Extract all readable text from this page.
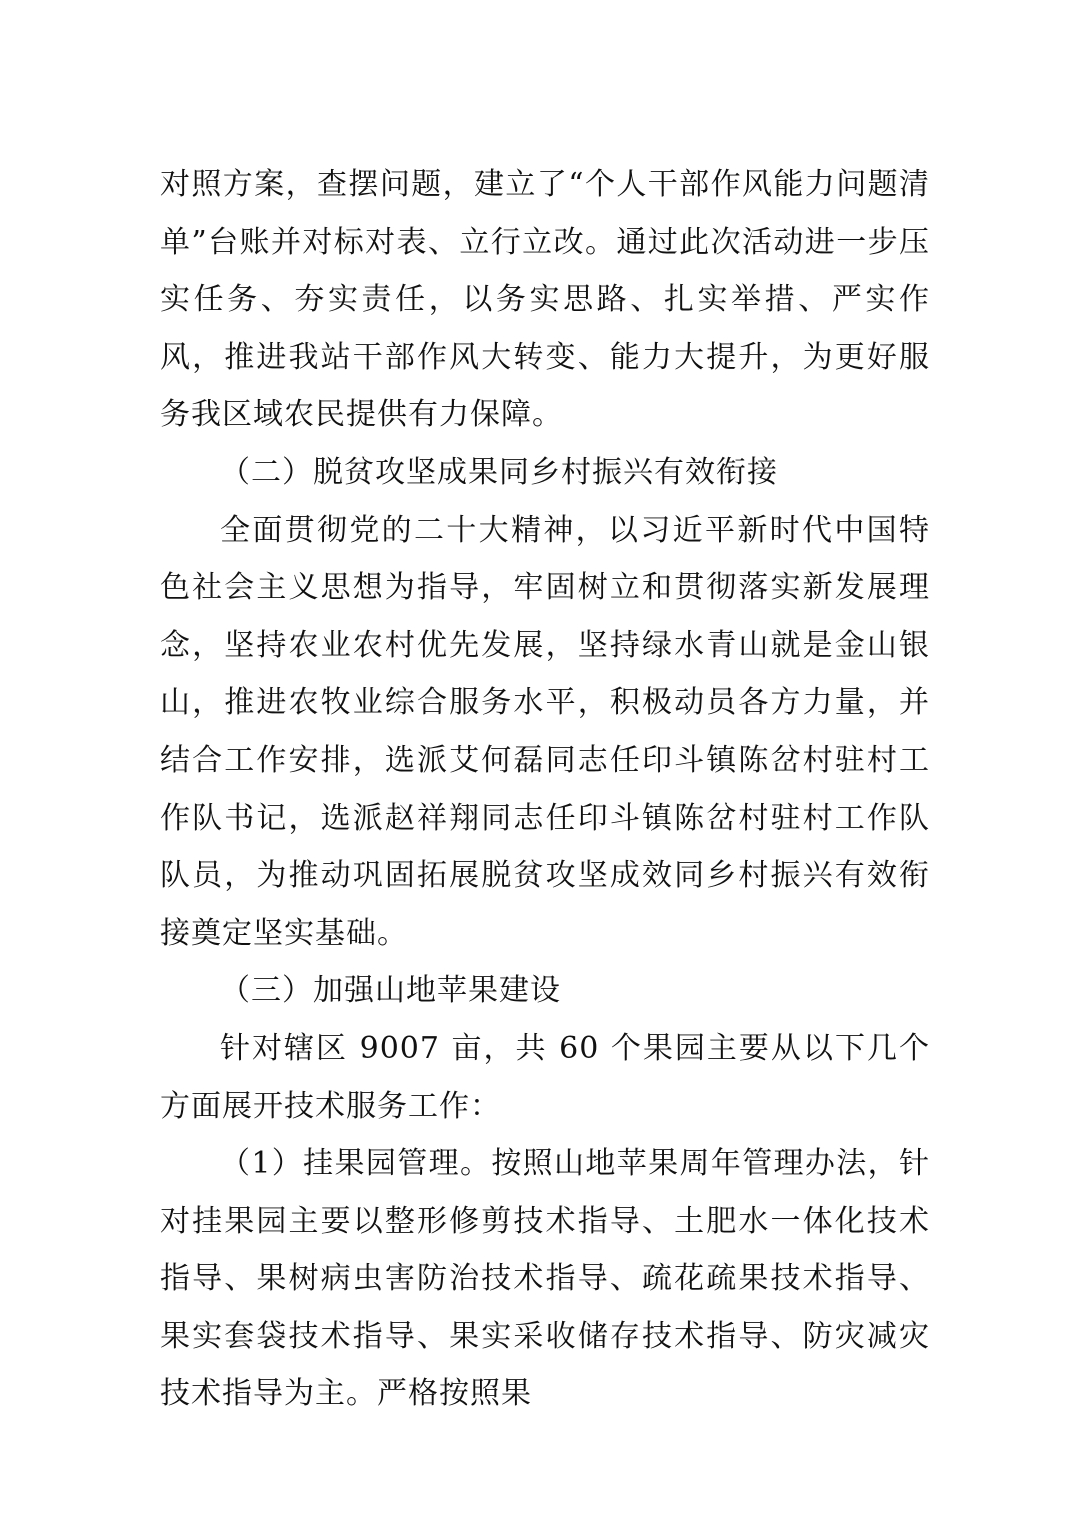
对照方案，查摆问题，建立了“个人干部作风能力问题清单”台账并对标对表、立行立改。通过此次活动进一步压实任务、夯实责任，以务实思路、扎实举措、严实作风，推进我站干部作风大转变、能力大提升，为更好服务我区域农民提供有力保障。

（二）脱贫攻坚成果同乡村振兴有效衔接

全面贯彻党的二十大精神，以习近平新时代中国特色社会主义思想为指导，牢固树立和贯彻落实新发展理念，坚持农业农村优先发展，坚持绿水青山就是金山银山，推进农牧业综合服务水平，积极动员各方力量，并结合工作安排，选派艾何磊同志任印斗镇陈岔村驻村工作队书记，选派赵祥翔同志任印斗镇陈岔村驻村工作队队员，为推动巩固拓展脱贫攻坚成效同乡村振兴有效衔接奠定坚实基础。

（三）加强山地苹果建设

针对辖区 9007 亩，共 60 个果园主要从以下几个方面展开技术服务工作：

（1）挂果园管理。按照山地苹果周年管理办法，针对挂果园主要以整形修剪技术指导、土肥水一体化技术指导、果树病虫害防治技术指导、疏花疏果技术指导、果实套袋技术指导、果实采收储存技术指导、防灾减灾技术指导为主。严格按照果
